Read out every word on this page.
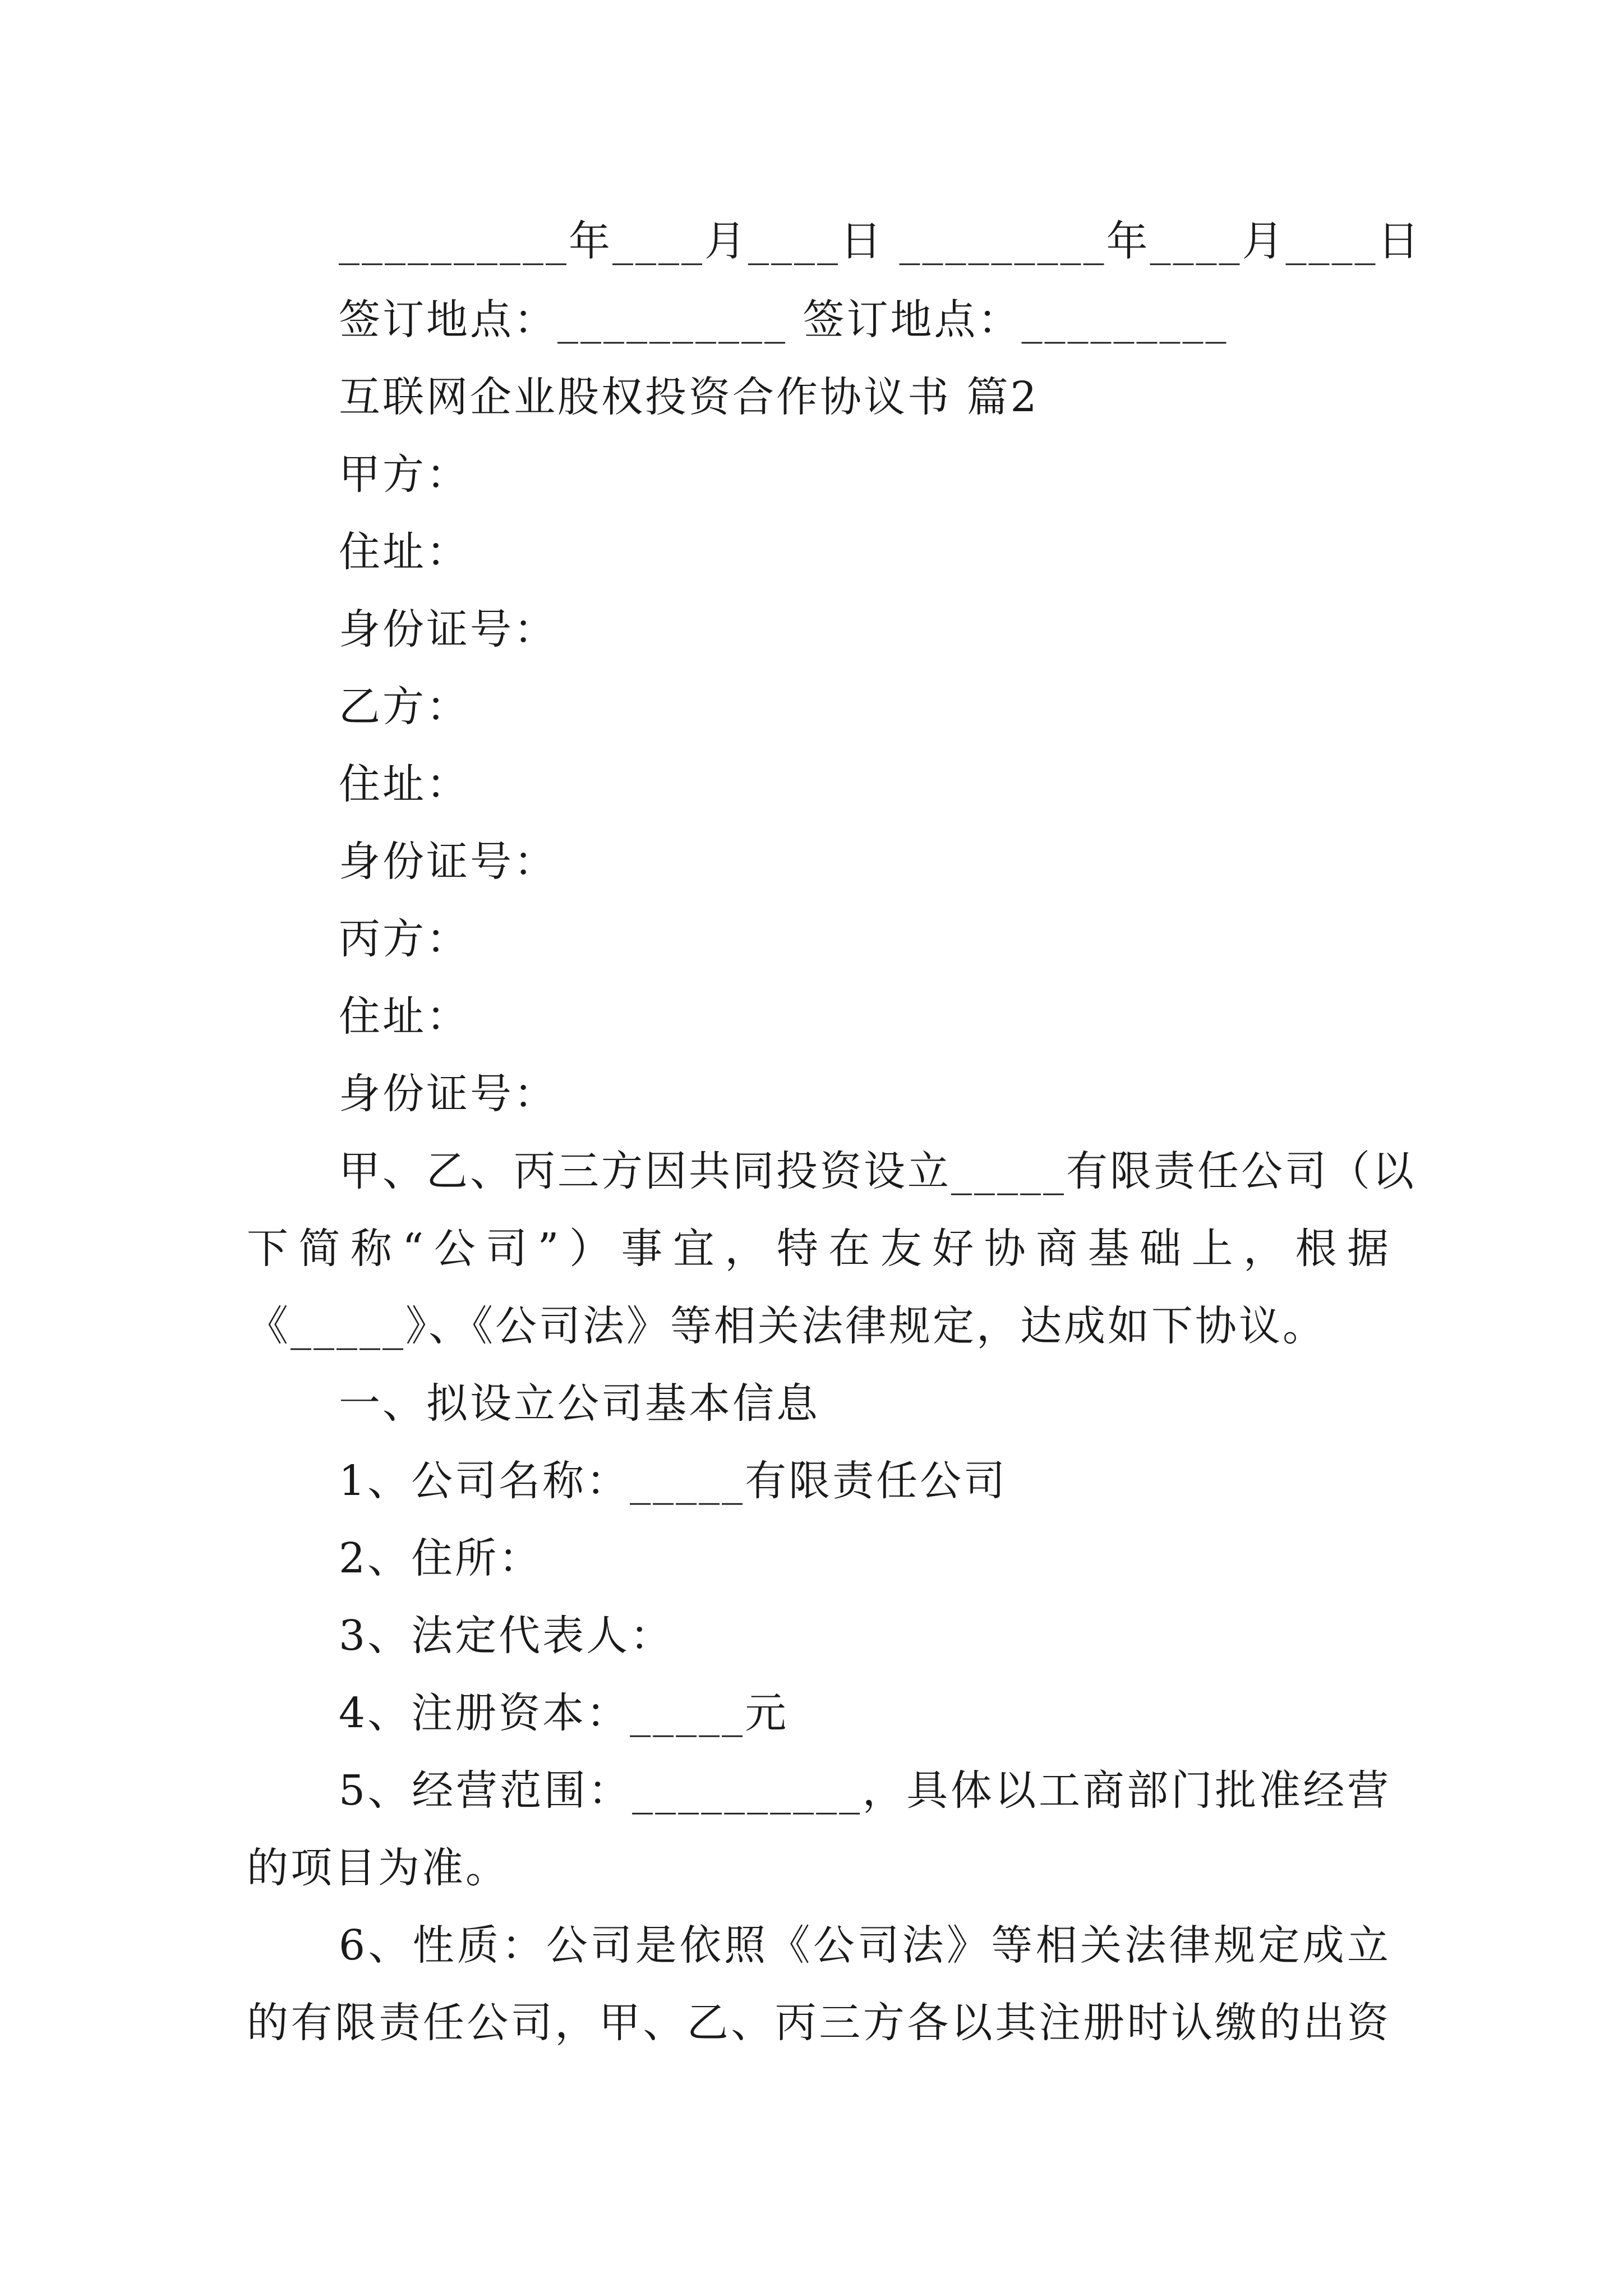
__________年____月____日 _________年____月____日
签订地点：__________ 签订地点：_________
互联网企业股权投资合作协议书 篇2
甲方：
住址：
身份证号：
乙方：
住址：
身份证号：
丙方：
住址：
身份证号：
甲、乙、丙三方因共同投资设立_____有限责任公司（以
下简称“公司”）事宜，特在友好协商基础上，根据
《_____》、《公司法》等相关法律规定，达成如下协议。
一、拟设立公司基本信息
1、公司名称：_____有限责任公司
2、住所：
3、法定代表人：
4、注册资本：_____元
5、经营范围：__________，具体以工商部门批准经营
的项目为准。
6、性质：公司是依照《公司法》等相关法律规定成立
的有限责任公司，甲、乙、丙三方各以其注册时认缴的出资
